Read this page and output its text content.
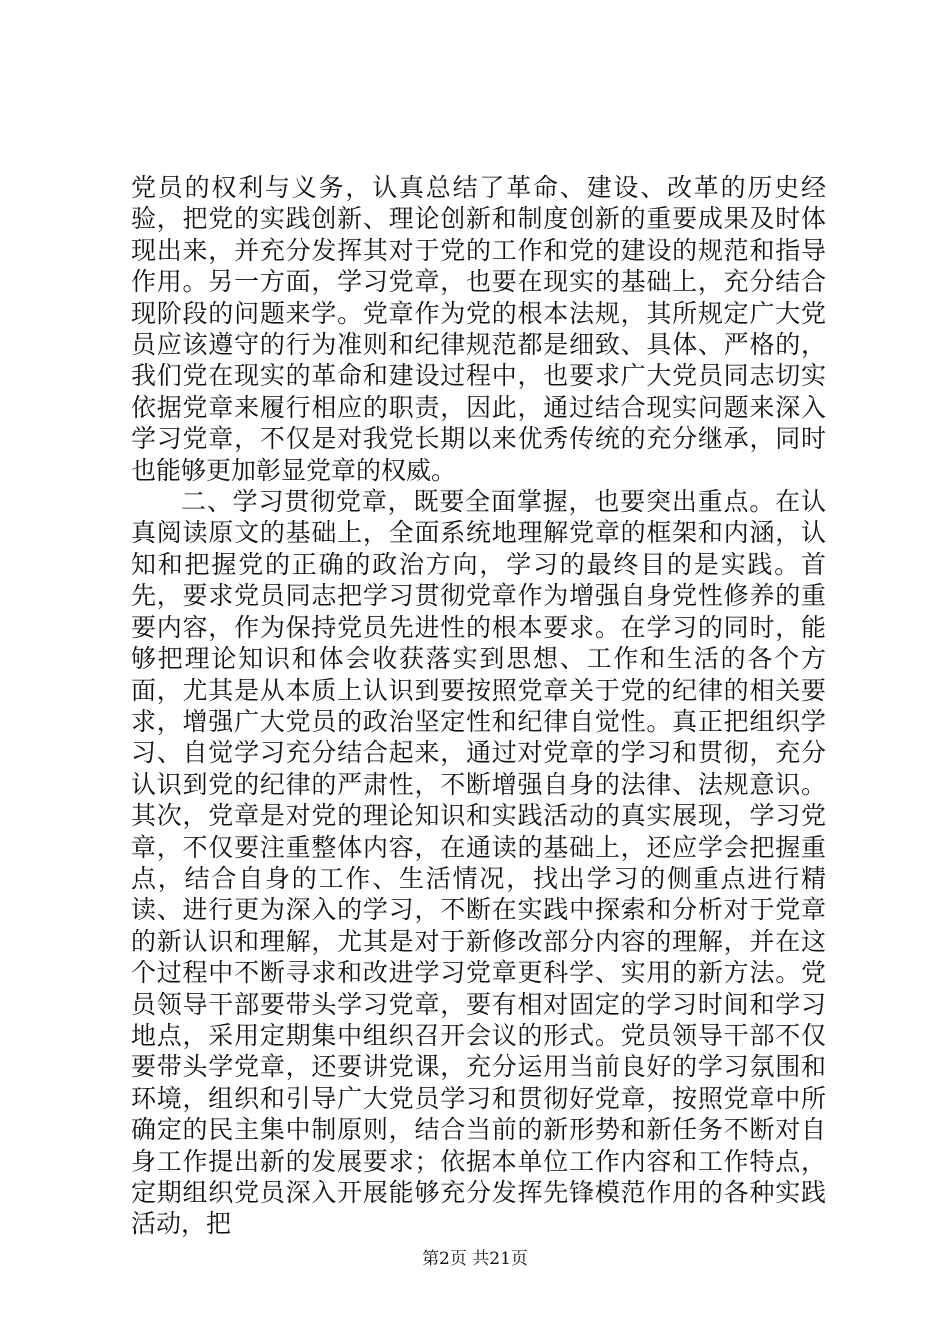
党员的权利与义务，认真总结了革命、建设、改革的历史经验，把党的实践创新、理论创新和制度创新的重要成果及时体现出来，并充分发挥其对于党的工作和党的建设的规范和指导作用。另一方面，学习党章，也要在现实的基础上，充分结合现阶段的问题来学。党章作为党的根本法规，其所规定广大党员应该遵守的行为准则和纪律规范都是细致、具体、严格的，我们党在现实的革命和建设过程中，也要求广大党员同志切实依据党章来履行相应的职责，因此，通过结合现实问题来深入学习党章，不仅是对我党长期以来优秀传统的充分继承，同时也能够更加彰显党章的权威。

二、学习贯彻党章，既要全面掌握，也要突出重点。在认真阅读原文的基础上，全面系统地理解党章的框架和内涵，认知和把握党的正确的政治方向，学习的最终目的是实践。首先，要求党员同志把学习贯彻党章作为增强自身党性修养的重要内容，作为保持党员先进性的根本要求。在学习的同时，能够把理论知识和体会收获落实到思想、工作和生活的各个方面，尤其是从本质上认识到要按照党章关于党的纪律的相关要求，增强广大党员的政治坚定性和纪律自觉性。真正把组织学习、自觉学习充分结合起来，通过对党章的学习和贯彻，充分认识到党的纪律的严肃性，不断增强自身的法律、法规意识。其次，党章是对党的理论知识和实践活动的真实展现，学习党章，不仅要注重整体内容，在通读的基础上，还应学会把握重点，结合自身的工作、生活情况，找出学习的侧重点进行精读、进行更为深入的学习，不断在实践中探索和分析对于党章的新认识和理解，尤其是对于新修改部分内容的理解，并在这个过程中不断寻求和改进学习党章更科学、实用的新方法。党员领导干部要带头学习党章，要有相对固定的学习时间和学习地点，采用定期集中组织召开会议的形式。党员领导干部不仅要带头学党章，还要讲党课，充分运用当前良好的学习氛围和环境，组织和引导广大党员学习和贯彻好党章，按照党章中所确定的民主集中制原则，结合当前的新形势和新任务不断对自身工作提出新的发展要求；依据本单位工作内容和工作特点，定期组织党员深入开展能够充分发挥先锋模范作用的各种实践活动，把

第2页 共21页
